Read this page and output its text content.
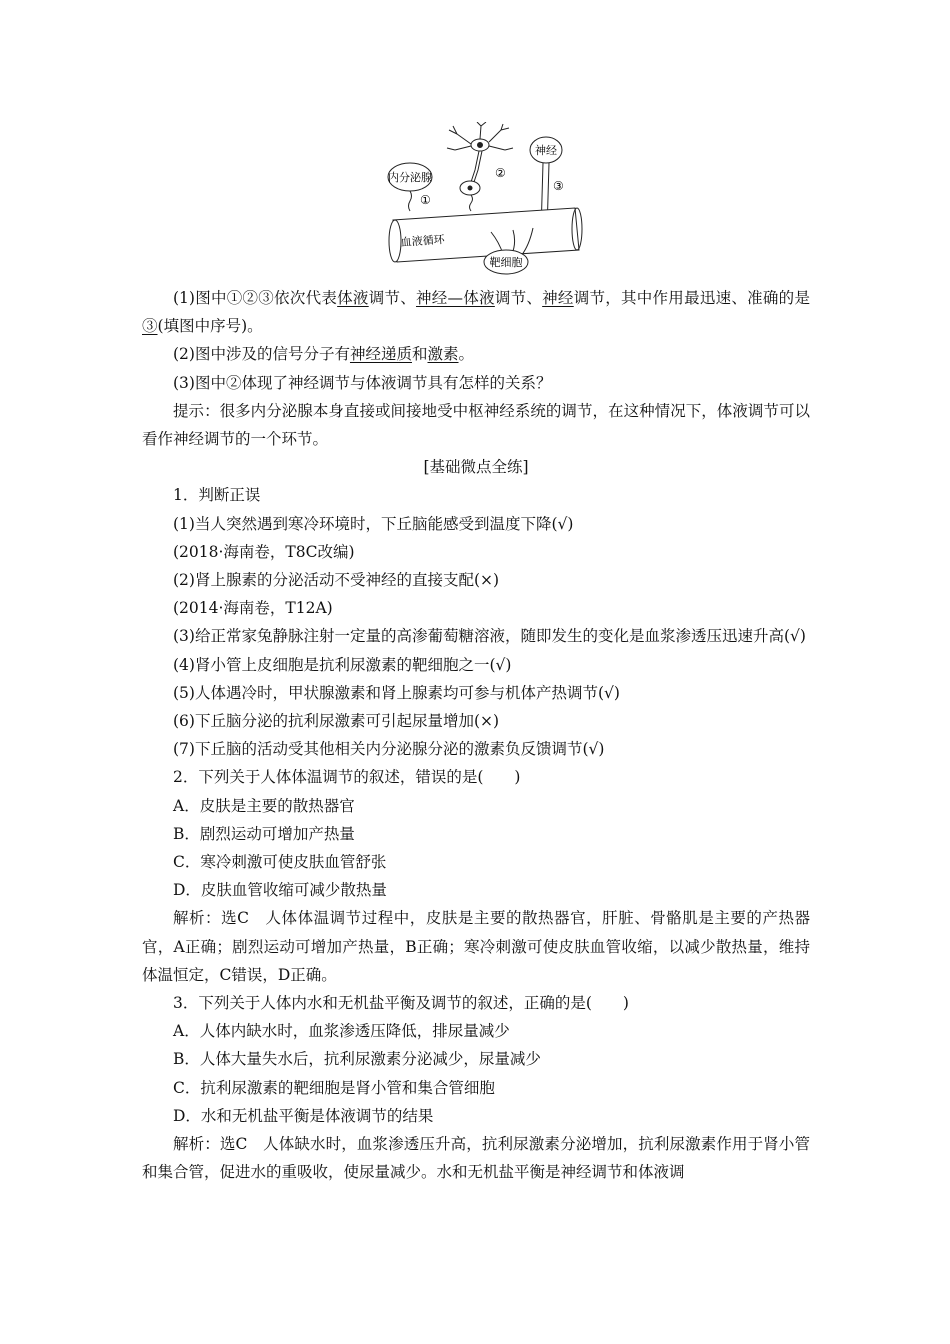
②
内分泌腺
①
神经
③
血液循环
靶细胞

(1)图中①②③依次代表体液调节、神经—体液调节、神经调节，其中作用最迅速、准确的是③(填图中序号)。

(2)图中涉及的信号分子有神经递质和激素。

(3)图中②体现了神经调节与体液调节具有怎样的关系？

提示：很多内分泌腺本身直接或间接地受中枢神经系统的调节，在这种情况下，体液调节可以看作神经调节的一个环节。

[基础微点全练]

1．判断正误

(1)当人突然遇到寒冷环境时，下丘脑能感受到温度下降(√)

(2018·海南卷，T8C改编)

(2)肾上腺素的分泌活动不受神经的直接支配(×)

(2014·海南卷，T12A)

(3)给正常家兔静脉注射一定量的高渗葡萄糖溶液，随即发生的变化是血浆渗透压迅速升高(√)

(4)肾小管上皮细胞是抗利尿激素的靶细胞之一(√)

(5)人体遇冷时，甲状腺激素和肾上腺素均可参与机体产热调节(√)

(6)下丘脑分泌的抗利尿激素可引起尿量增加(×)

(7)下丘脑的活动受其他相关内分泌腺分泌的激素负反馈调节(√)

2．下列关于人体体温调节的叙述，错误的是(　　)

A．皮肤是主要的散热器官

B．剧烈运动可增加产热量

C．寒冷刺激可使皮肤血管舒张

D．皮肤血管收缩可减少散热量

解析：选C　人体体温调节过程中，皮肤是主要的散热器官，肝脏、骨骼肌是主要的产热器官，A正确；剧烈运动可增加产热量，B正确；寒冷刺激可使皮肤血管收缩，以减少散热量，维持体温恒定，C错误，D正确。

3．下列关于人体内水和无机盐平衡及调节的叙述，正确的是(　　)

A．人体内缺水时，血浆渗透压降低，排尿量减少

B．人体大量失水后，抗利尿激素分泌减少，尿量减少

C．抗利尿激素的靶细胞是肾小管和集合管细胞

D．水和无机盐平衡是体液调节的结果

解析：选C　人体缺水时，血浆渗透压升高，抗利尿激素分泌增加，抗利尿激素作用于肾小管和集合管，促进水的重吸收，使尿量减少。水和无机盐平衡是神经调节和体液调
